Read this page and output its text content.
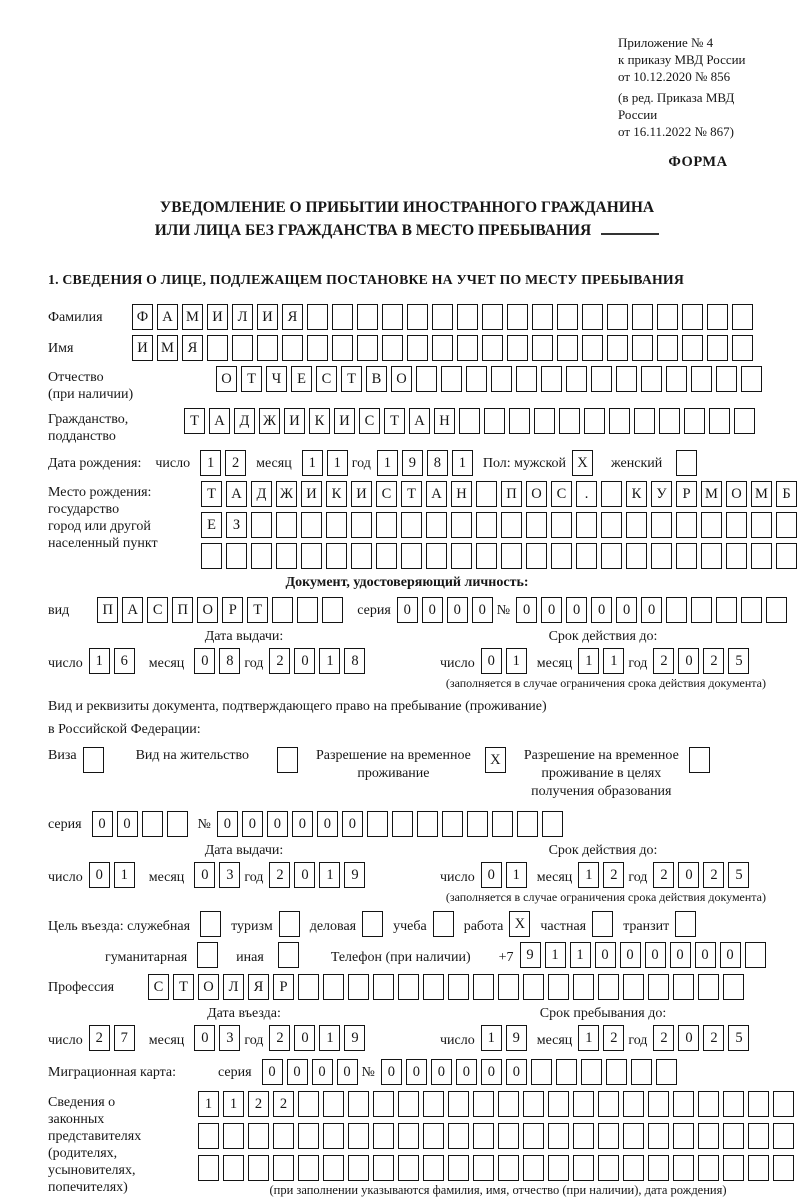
Приложение № 4
к приказу МВД России
от 10.12.2020 № 856
(в ред. Приказа МВД России
от 16.11.2022 № 867)
ФОРМА
УВЕДОМЛЕНИЕ О ПРИБЫТИИ ИНОСТРАННОГО ГРАЖДАНИНА
ИЛИ ЛИЦА БЕЗ ГРАЖДАНСТВА В МЕСТО ПРЕБЫВАНИЯ
1. СВЕДЕНИЯ О ЛИЦЕ, ПОДЛЕЖАЩЕМ ПОСТАНОВКЕ НА УЧЕТ ПО МЕСТУ ПРЕБЫВАНИЯ
Фамилия	Ф А М И	Л	И	Я
Имя	И М Я
Отчество
(при наличии)
О	Т	Ч	Е	С	Т	В	О
Гражданство,
подданство
Т	А	Д Ж И	К	И	С	Т	А	Н
Дата рождения: число	1	2	месяц	1	1 год 1	9	8	1	Пол: мужской X	женский
Место рождения:
государство
город или другой
населенный пункт
Т	А	Д Ж И	К	И	С	Т	А	Н	П	О	С	.	К	У	Р	М О М Б
Е	З
Документ, удостоверяющий личность:
вид	П	А	С	П	О	Р	Т	серия 0	0	0	0 № 0	0	0	0	0	0
Дата выдачи:
число 1	6	месяц	0	8 год 2	0	1	8
Срок действия до:
число 0	1	месяц 1	1 год 2	0	2	5
(заполняется в случае ограничения срока действия документа)
Вид и реквизиты документа, подтверждающего право на пребывание (проживание)
в Российской Федерации:
Виза	Вид на жительство	Разрешение на временное
проживание
X	Разрешение на временное
проживание в целях
получения образования
серия	0	0	№ 0	0	0	0	0	0
Дата выдачи:
число 0	1	месяц	0	3 год 2	0	1	9
Срок действия до:
число 0	1	месяц 1	2 год 2	0	2	5
(заполняется в случае ограничения срока действия документа)
Цель въезда: служебная	туризм	деловая	учеба	работа X	частная	транзит
гуманитарная	иная	Телефон (при наличии) +7 9	1	1	0	0	0	0	0	0
Профессия	С	Т	О	Л	Я	Р
Дата въезда:
число 2	7	месяц	0	3 год 2	0	1	9
Срок пребывания до:
число 1	9	месяц 1	2 год 2	0	2	5
Миграционная карта:	серия	0	0	0	0 № 0	0	0	0	0	0
Сведения о
законных
представителях
(родителях,
усыновителях,
попечителях)
1	1	2	2
(при заполнении указываются фамилия, имя, отчество (при наличии), дата рождения)
